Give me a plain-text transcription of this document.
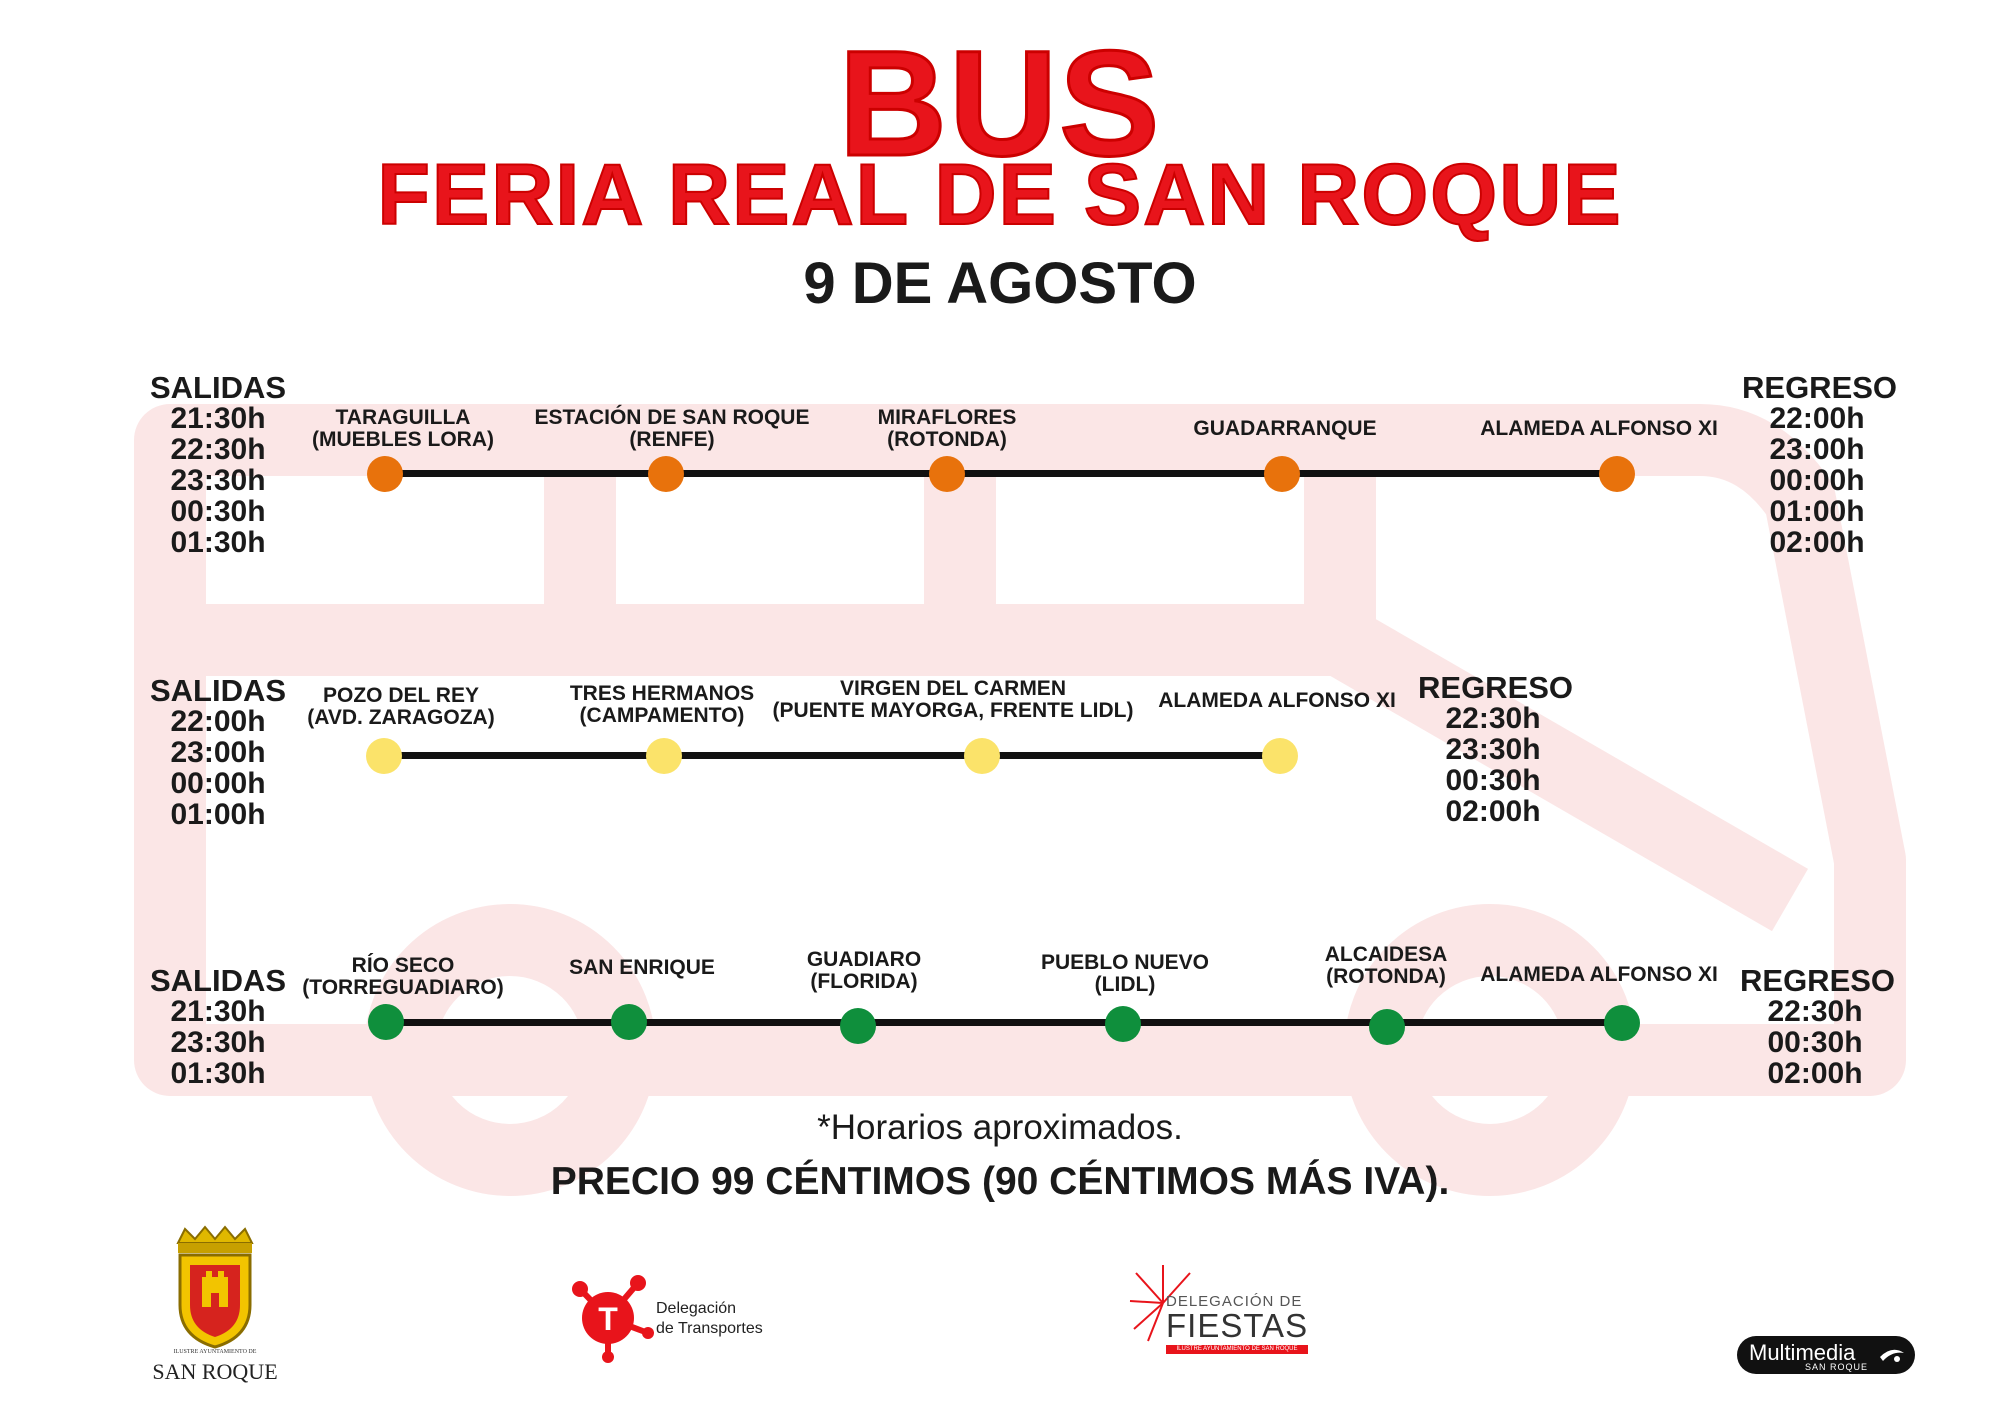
BUS
FERIA REAL DE SAN ROQUE
9 DE AGOSTO
SALIDAS
21:30h
22:30h
23:30h
00:30h
01:30h
REGRESO
22:00h
23:00h
00:00h
01:00h
02:00h
TARAGUILLA
(MUEBLES LORA)
ESTACIÓN DE SAN ROQUE
(RENFE)
MIRAFLORES
(ROTONDA)	GUADARRANQUE	ALAMEDA ALFONSO XI
SALIDAS
22:00h
23:00h
00:00h
01:00h
REGRESO
22:30h
23:30h
00:30h
02:00h
POZO DEL REY
(AVD. ZARAGOZA)
TRES HERMANOS
(CAMPAMENTO)
VIRGEN DEL CARMEN
(PUENTE MAYORGA, FRENTE LIDL) ALAMEDA ALFONSO XI
SALIDAS
21:30h
23:30h
01:30h
REGRESO
22:30h
00:30h
02:00h
RÍO SECO
(TORREGUADIARO)
SAN ENRIQUE	GUADIARO
(FLORIDA)
PUEBLO NUEVO
(LIDL)
ALCAIDESA
(ROTONDA) ALAMEDA ALFONSO XI
*Horarios aproximados.
PRECIO 99 CÉNTIMOS (90 CÉNTIMOS MÁS IVA).
ILUSTRE AYUNTAMIENTO DE
SAN ROQUE
T Delegación
de Transportes
DELEGACIÓN DE
FIESTAS
ILUSTRE AYUNTAMIENTO DE SAN ROQUE	Multimedia
SAN ROQUE
